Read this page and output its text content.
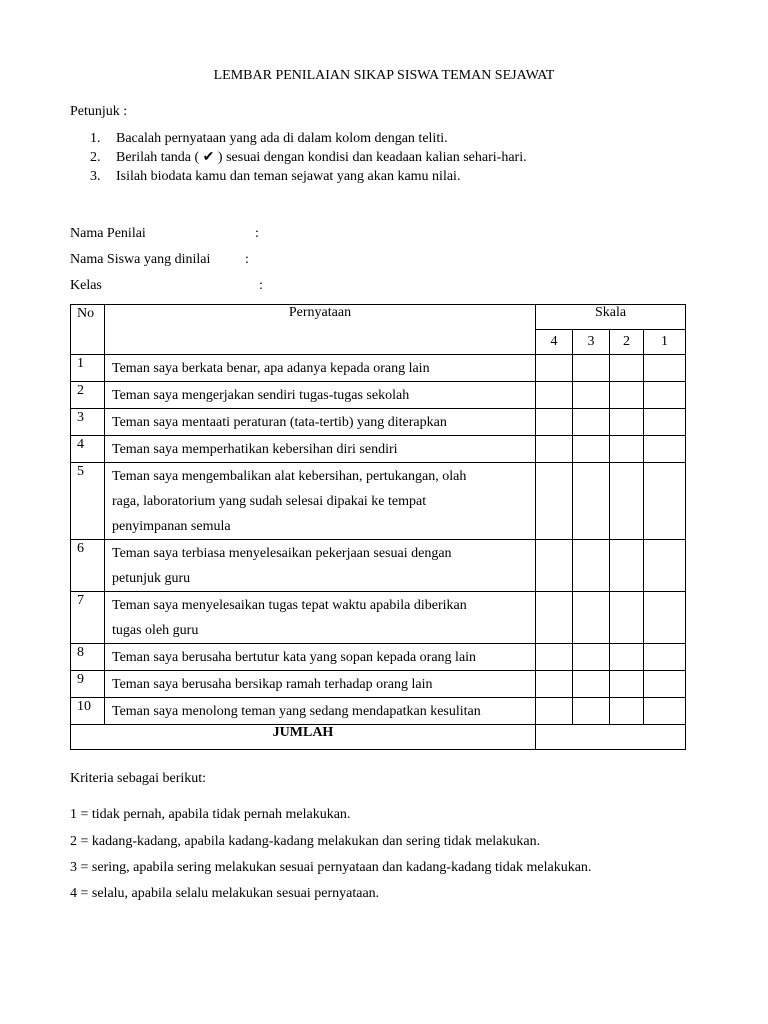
LEMBAR PENILAIAN SIKAP SISWA TEMAN SEJAWAT
Petunjuk :
1. Bacalah pernyataan yang ada di dalam kolom dengan teliti.
2. Berilah tanda ( ✔ ) sesuai dengan kondisi dan keadaan kalian sehari-hari.
3. Isilah biodata kamu dan teman sejawat yang akan kamu nilai.
Nama Penilai	:
Nama Siswa yang dinilai :
Kelas	:
No	Pernyataan	Skala			
		4	3	2	1
1	Teman saya berkata benar, apa adanya kepada orang lain				

2	Teman saya mengerjakan sendiri tugas-tugas sekolah				

3	Teman saya mentaati peraturan (tata-tertib) yang diterapkan				

4	Teman saya memperhatikan kebersihan diri sendiri				

5	Teman saya mengembalikan alat kebersihan, pertukangan, olah
raga, laboratorium yang sudah selesai dipakai ke tempat
penyimpanan semula				

6	Teman saya terbiasa menyelesaikan pekerjaan sesuai dengan
petunjuk guru				

7	Teman saya menyelesaikan tugas tepat waktu apabila diberikan
tugas oleh guru				

8	Teman saya berusaha bertutur kata yang sopan kepada orang lain				

9	Teman saya berusaha bersikap ramah terhadap orang lain				

10	Teman saya menolong teman yang sedang mendapatkan kesulitan				

JUMLAH					
Kriteria sebagai berikut:
1 = tidak pernah, apabila tidak pernah melakukan.
2 = kadang-kadang, apabila kadang-kadang melakukan dan sering tidak melakukan.
3 = sering, apabila sering melakukan sesuai pernyataan dan kadang-kadang tidak melakukan.
4 = selalu, apabila selalu melakukan sesuai pernyataan.
